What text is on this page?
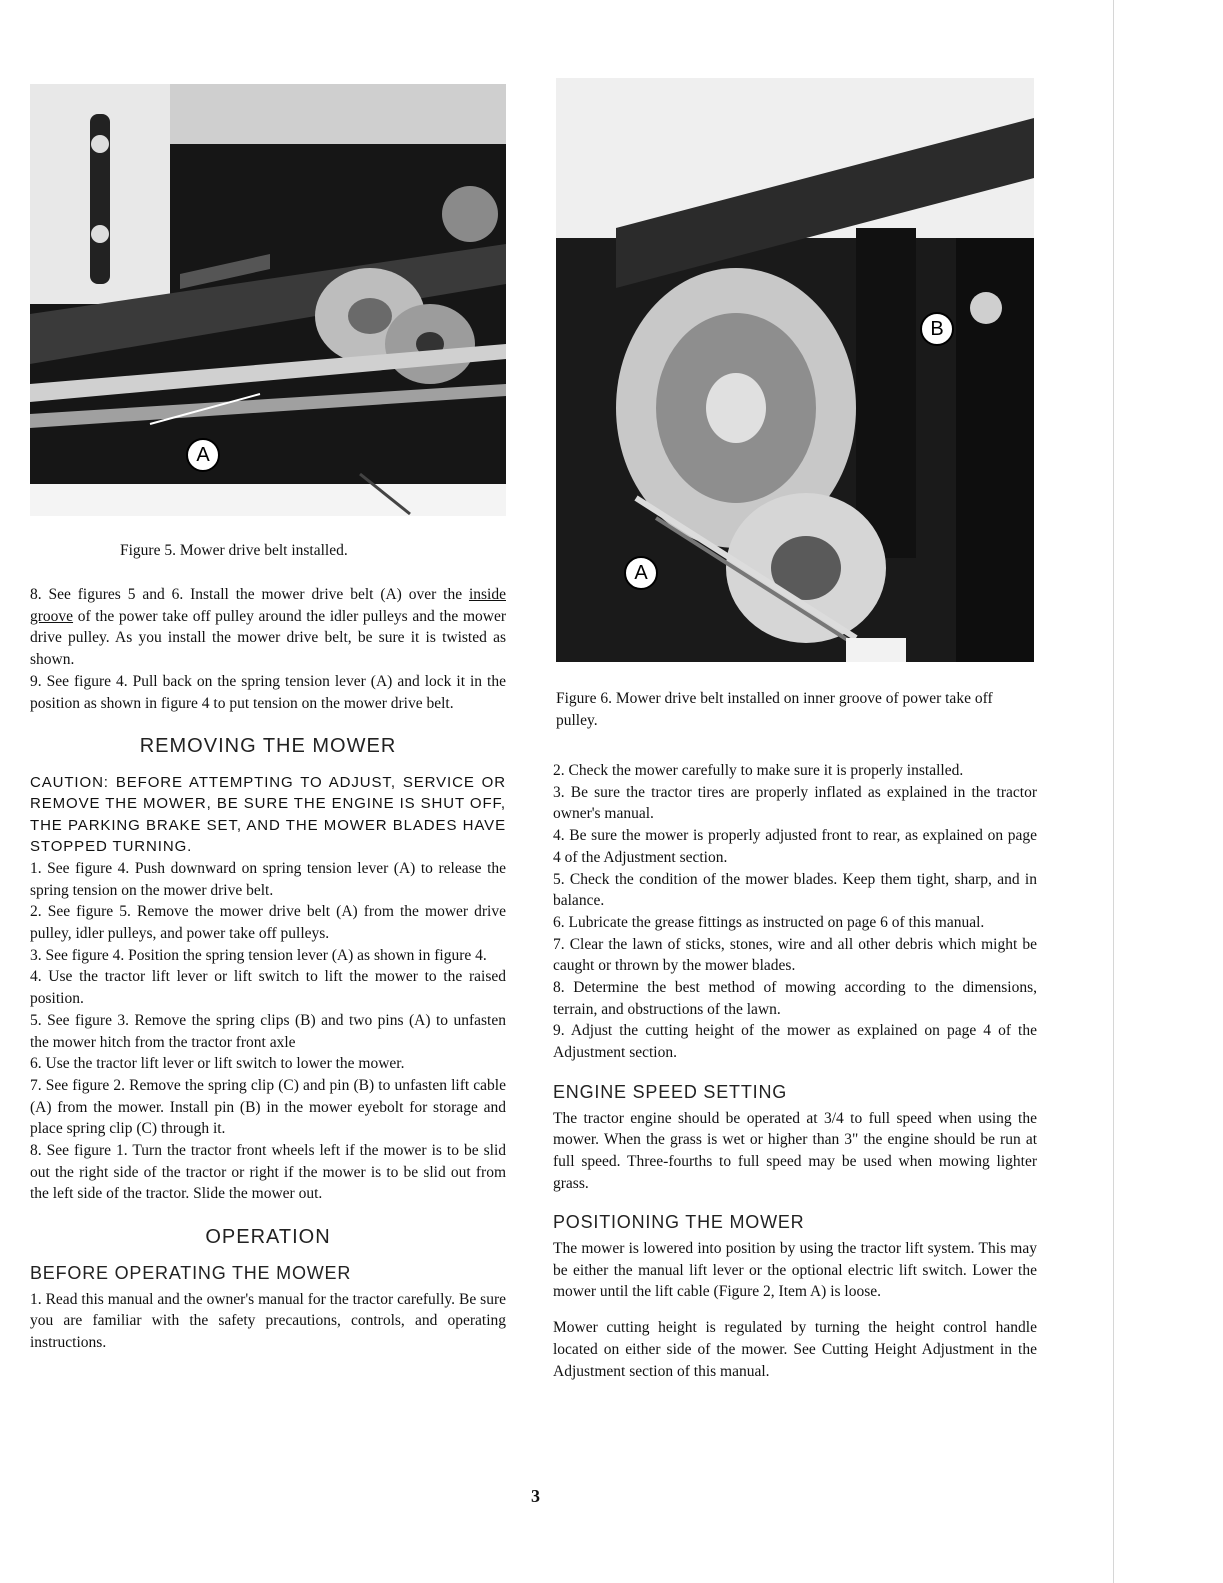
A

Figure 5. Mower drive belt installed.

A
B

Figure 6. Mower drive belt installed on inner groove of power take off pulley.

8. See figures 5 and 6. Install the mower drive belt (A) over the inside groove of the power take off pulley around the idler pulleys and the mower drive pulley. As you install the mower drive belt, be sure it is twisted as shown.

9. See figure 4. Pull back on the spring tension lever (A) and lock it in the position as shown in figure 4 to put tension on the mower drive belt.

REMOVING THE MOWER

CAUTION: BEFORE ATTEMPTING TO ADJUST, SERVICE OR REMOVE THE MOWER, BE SURE THE ENGINE IS SHUT OFF, THE PARKING BRAKE SET, AND THE MOWER BLADES HAVE STOPPED TURNING.

1. See figure 4. Push downward on spring tension lever (A) to release the spring tension on the mower drive belt.

2. See figure 5. Remove the mower drive belt (A) from the mower drive pulley, idler pulleys, and power take off pulleys.

3. See figure 4. Position the spring tension lever (A) as shown in figure 4.

4. Use the tractor lift lever or lift switch to lift the mower to the raised position.

5. See figure 3. Remove the spring clips (B) and two pins (A) to unfasten the mower hitch from the tractor front axle

6. Use the tractor lift lever or lift switch to lower the mower.

7. See figure 2. Remove the spring clip (C) and pin (B) to unfasten lift cable (A) from the mower. Install pin (B) in the mower eyebolt for storage and place spring clip (C) through it.

8. See figure 1. Turn the tractor front wheels left if the mower is to be slid out the right side of the tractor or right if the mower is to be slid out from the left side of the tractor. Slide the mower out.

OPERATION
BEFORE OPERATING THE MOWER

1. Read this manual and the owner's manual for the tractor carefully. Be sure you are familiar with the safety precautions, controls, and operating instructions.

2. Check the mower carefully to make sure it is properly installed.

3. Be sure the tractor tires are properly inflated as explained in the tractor owner's manual.

4. Be sure the mower is properly adjusted front to rear, as explained on page 4 of the Adjustment section.

5. Check the condition of the mower blades. Keep them tight, sharp, and in balance.

6. Lubricate the grease fittings as instructed on page 6 of this manual.

7. Clear the lawn of sticks, stones, wire and all other debris which might be caught or thrown by the mower blades.

8. Determine the best method of mowing according to the dimensions, terrain, and obstructions of the lawn.

9. Adjust the cutting height of the mower as explained on page 4 of the Adjustment section.

ENGINE SPEED SETTING

The tractor engine should be operated at 3/4 to full speed when using the mower. When the grass is wet or higher than 3" the engine should be run at full speed. Three-fourths to full speed may be used when mowing lighter grass.

POSITIONING THE MOWER

The mower is lowered into position by using the tractor lift system. This may be either the manual lift lever or the optional electric lift switch. Lower the mower until the lift cable (Figure 2, Item A) is loose.

Mower cutting height is regulated by turning the height control handle located on either side of the mower. See Cutting Height Adjustment in the Adjustment section of this manual.

3
